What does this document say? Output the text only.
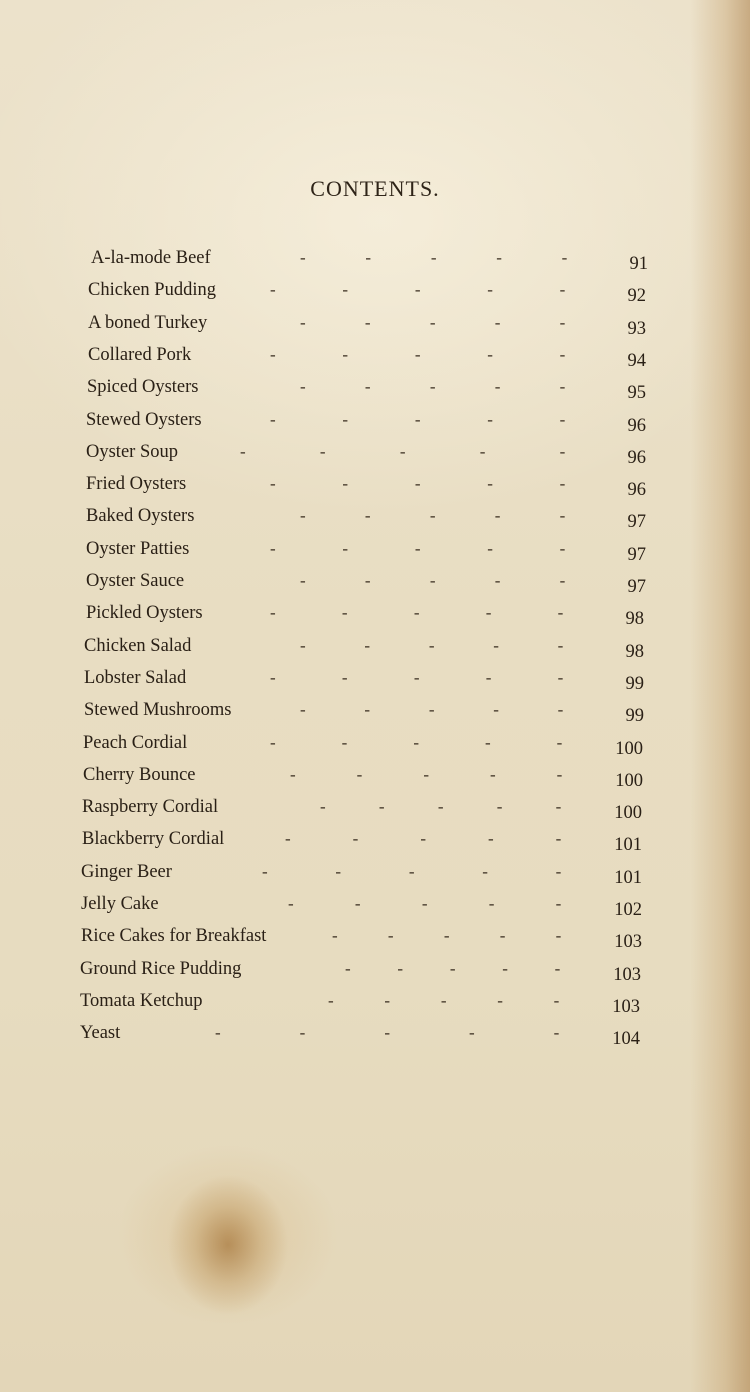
CONTENTS.
A-la-mode Beef	-     -     -     -     -	91
Chicken Pudding	-     -     -     -     -	92
A boned Turkey	-     -     -     -     -	93
Collared Pork	-     -     -     -     -	94
Spiced Oysters	-     -     -     -     -	95
Stewed Oysters	-     -     -     -     -	96
Oyster Soup	-     -     -     -     -	96
Fried Oysters	-     -     -     -     -	96
Baked Oysters	-     -     -     -     -	97
Oyster Patties	-     -     -     -     -	97
Oyster Sauce	-     -     -     -     -	97
Pickled Oysters	-     -     -     -     -	98
Chicken Salad	-     -     -     -     -	98
Lobster Salad	-     -     -     -     -	99
Stewed Mushrooms	-     -     -     -     -	99
Peach Cordial	-     -     -     -     -	100
Cherry Bounce	-     -     -     -     -	100
Raspberry Cordial	-     -     -     -     -	100
Blackberry Cordial	-     -     -     -     -	101
Ginger Beer	-     -     -     -     -	101
Jelly Cake	-     -     -     -     -	102
Rice Cakes for Breakfast	-     -     -     -     -	103
Ground Rice Pudding	-     -     -     -     -	103
Tomata Ketchup	-     -     -     -     -	103
Yeast	-     -     -     -     -	104
